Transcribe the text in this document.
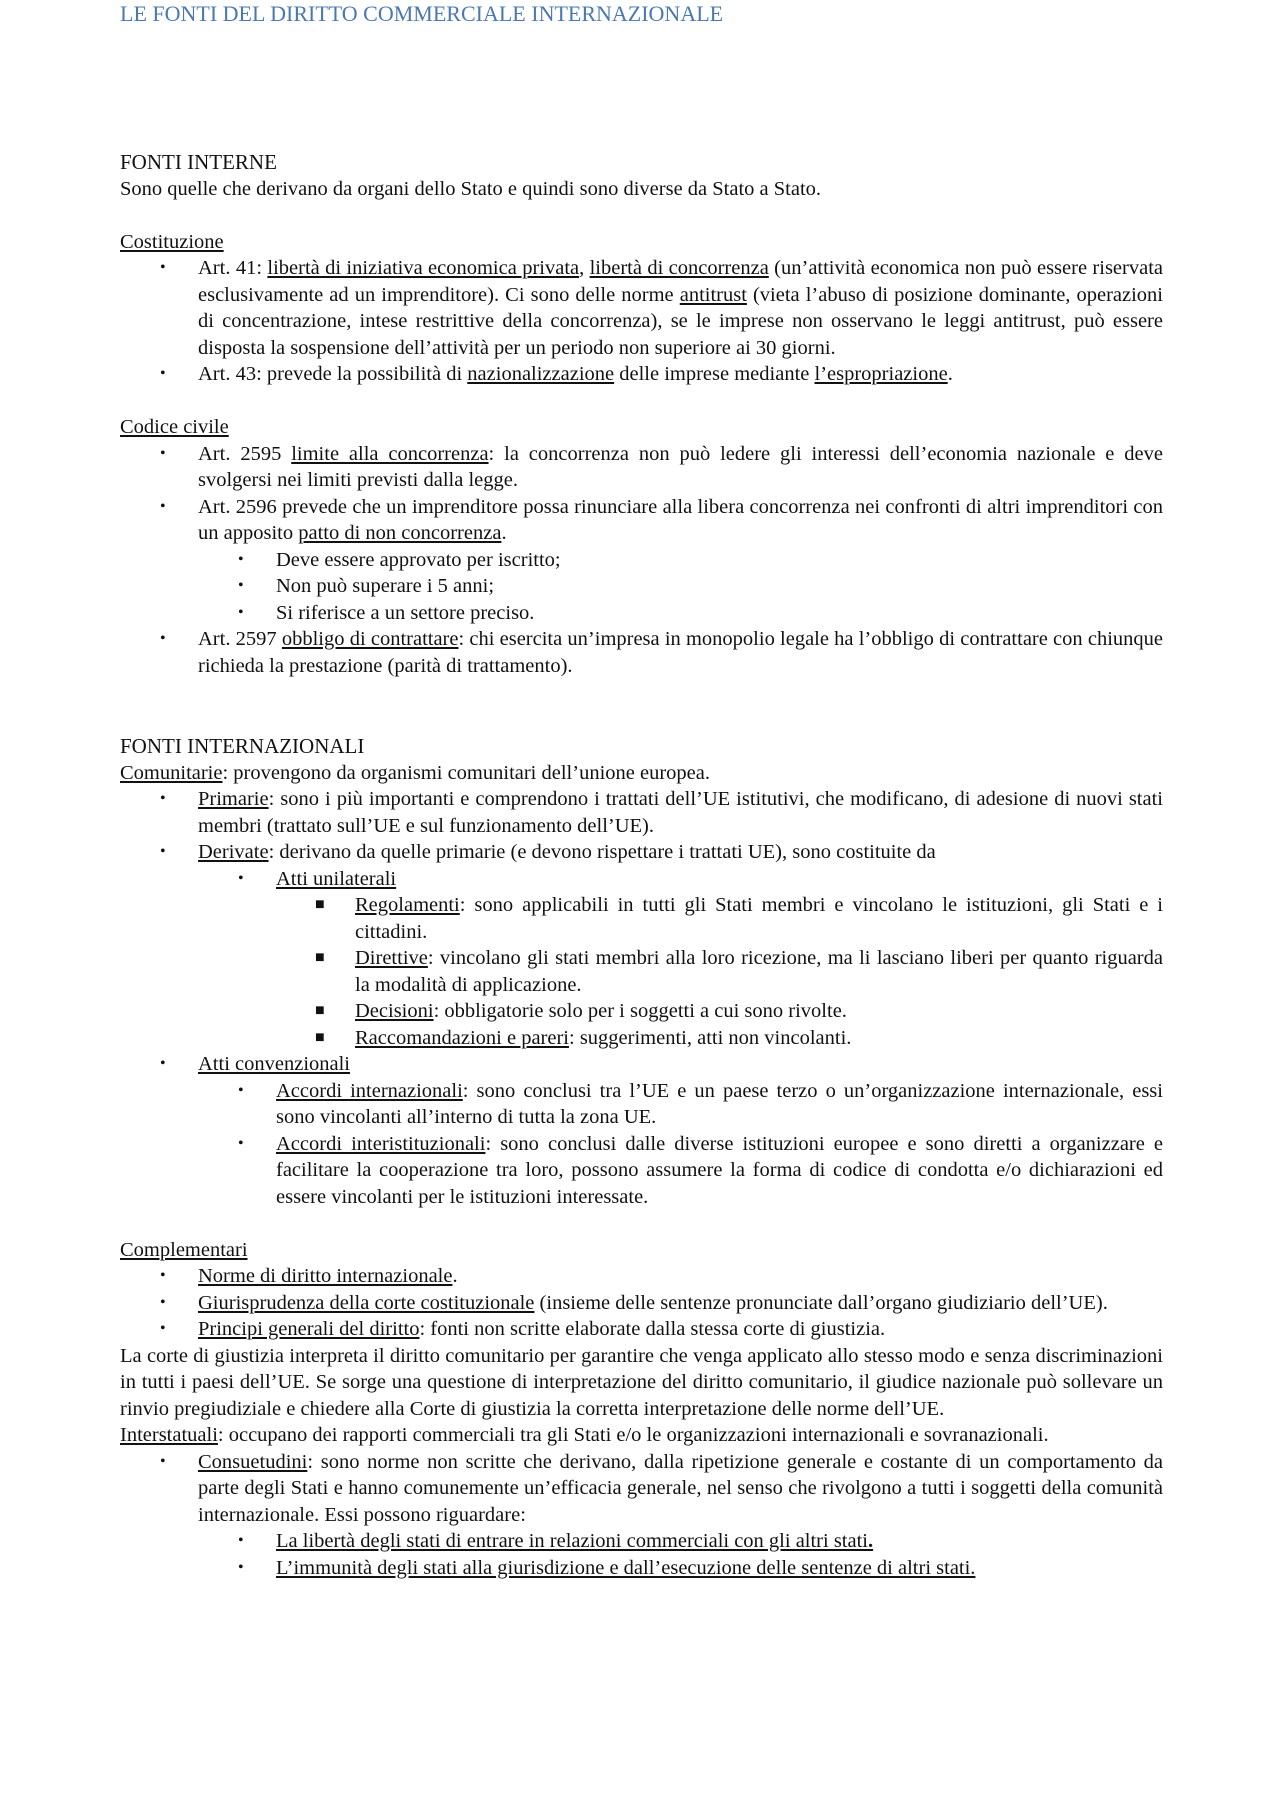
LE FONTI DEL DIRITTO COMMERCIALE INTERNAZIONALE

FONTI INTERNE

Sono quelle che derivano da organi dello Stato e quindi sono diverse da Stato a Stato.

Costituzione

• Art. 41: libertà di iniziativa economica privata, libertà di concorrenza (un’attività economica non può essere riservata esclusivamente ad un imprenditore). Ci sono delle norme antitrust (vieta l’abuso di posizione dominante, operazioni di concentrazione, intese restrittive della concorrenza), se le imprese non osservano le leggi antitrust, può essere disposta la sospensione dell’attività per un periodo non superiore ai 30 giorni.
• Art. 43: prevede la possibilità di nazionalizzazione delle imprese mediante l’espropriazione.

Codice civile

• Art. 2595 limite alla concorrenza: la concorrenza non può ledere gli interessi dell’economia nazionale e deve svolgersi nei limiti previsti dalla legge.
• Art. 2596 prevede che un imprenditore possa rinunciare alla libera concorrenza nei confronti di altri imprenditori con un apposito patto di non concorrenza.
• Deve essere approvato per iscritto;
• Non può superare i 5 anni;
• Si riferisce a un settore preciso.
• Art. 2597 obbligo di contrattare: chi esercita un’impresa in monopolio legale ha l’obbligo di contrattare con chiunque richieda la prestazione (parità di trattamento).

FONTI INTERNAZIONALI

Comunitarie: provengono da organismi comunitari dell’unione europea.

• Primarie: sono i più importanti e comprendono i trattati dell’UE istitutivi, che modificano, di adesione di nuovi stati membri (trattato sull’UE e sul funzionamento dell’UE).
• Derivate: derivano da quelle primarie (e devono rispettare i trattati UE), sono costituite da
• Atti unilaterali
■ Regolamenti: sono applicabili in tutti gli Stati membri e vincolano le istituzioni, gli Stati e i cittadini.
■ Direttive: vincolano gli stati membri alla loro ricezione, ma li lasciano liberi per quanto riguarda la modalità di applicazione.
■ Decisioni: obbligatorie solo per i soggetti a cui sono rivolte.
■ Raccomandazioni e pareri: suggerimenti, atti non vincolanti.
• Atti convenzionali
• Accordi internazionali: sono conclusi tra l’UE e un paese terzo o un’organizzazione internazionale, essi sono vincolanti all’interno di tutta la zona UE.
• Accordi interistituzionali: sono conclusi dalle diverse istituzioni europee e sono diretti a organizzare e facilitare la cooperazione tra loro, possono assumere la forma di codice di condotta e/o dichiarazioni ed essere vincolanti per le istituzioni interessate.

Complementari

• Norme di diritto internazionale.
• Giurisprudenza della corte costituzionale (insieme delle sentenze pronunciate dall’organo giudiziario dell’UE).
• Principi generali del diritto: fonti non scritte elaborate dalla stessa corte di giustizia.

La corte di giustizia interpreta il diritto comunitario per garantire che venga applicato allo stesso modo e senza discriminazioni in tutti i paesi dell’UE. Se sorge una questione di interpretazione del diritto comunitario, il giudice nazionale può sollevare un rinvio pregiudiziale e chiedere alla Corte di giustizia la corretta interpretazione delle norme dell’UE.

Interstatuali: occupano dei rapporti commerciali tra gli Stati e/o le organizzazioni internazionali e sovranazionali.

• Consuetudini: sono norme non scritte che derivano, dalla ripetizione generale e costante di un comportamento da parte degli Stati e hanno comunemente un’efficacia generale, nel senso che rivolgono a tutti i soggetti della comunità internazionale. Essi possono riguardare:
• La libertà degli stati di entrare in relazioni commerciali con gli altri stati.
• L’immunità degli stati alla giurisdizione e dall’esecuzione delle sentenze di altri stati.
